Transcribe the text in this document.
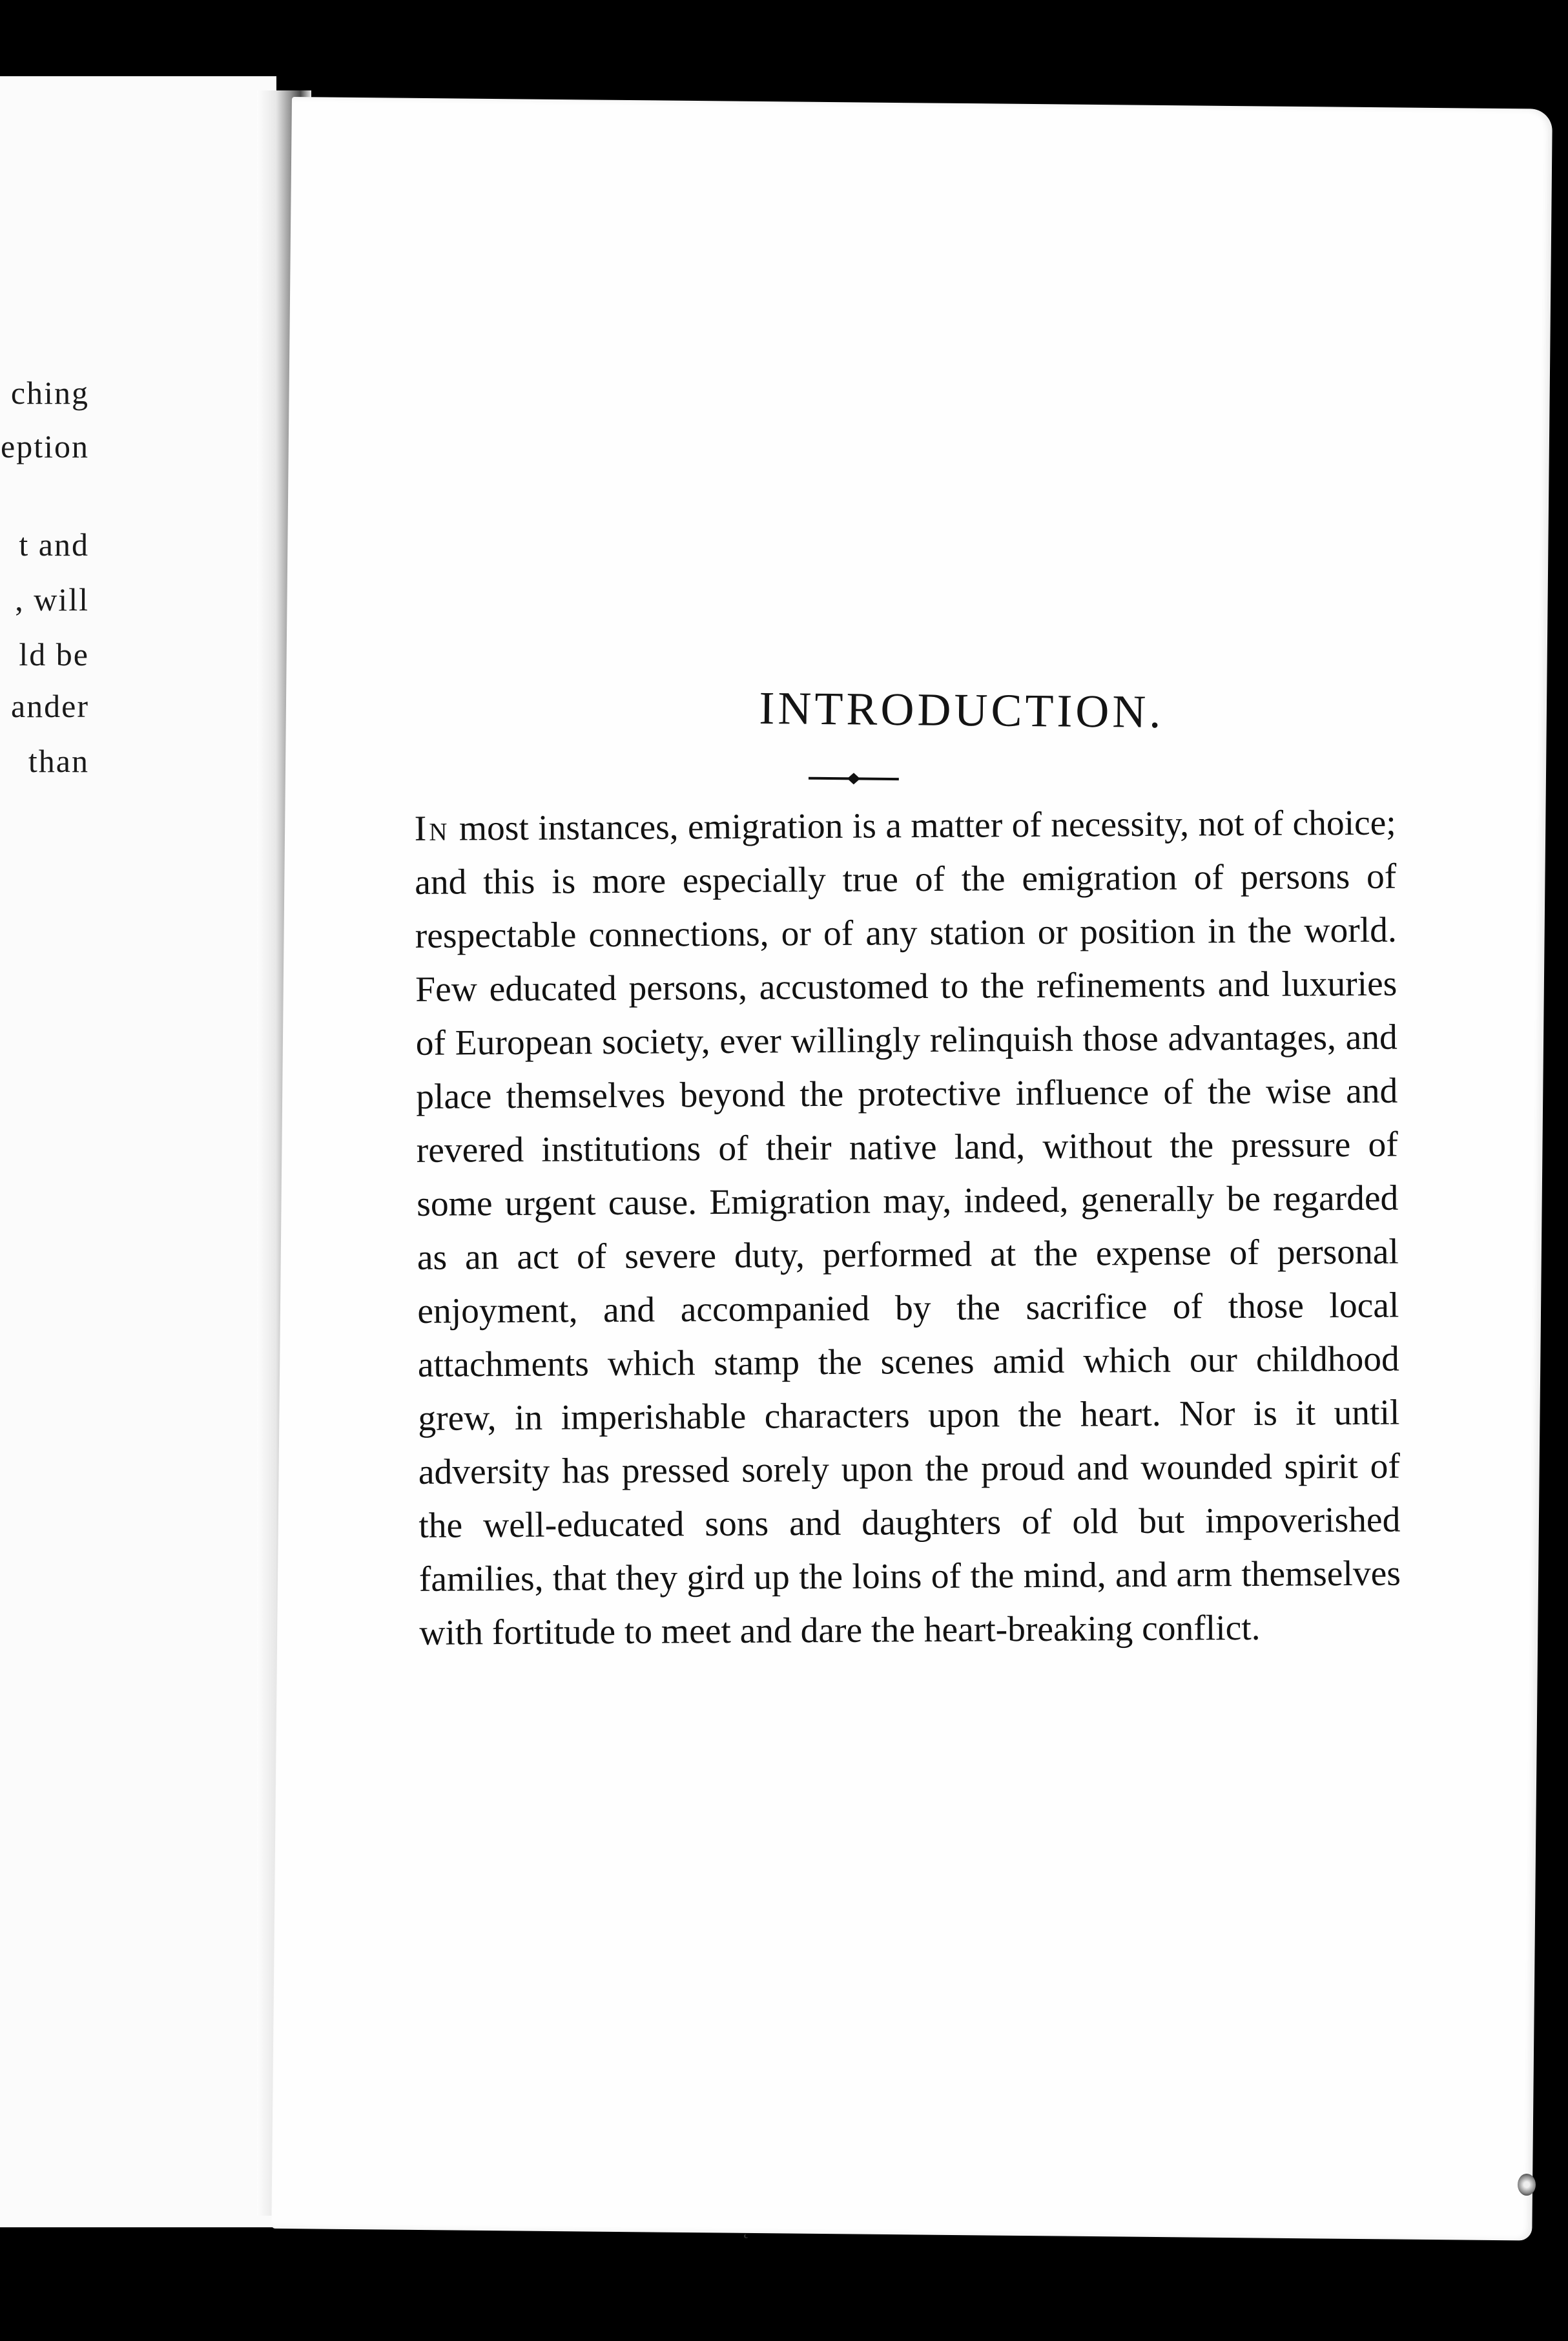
ching

eption

t and

, will

ld be

ander

than

INTRODUCTION.

In most instances, emigration is a matter of necessity, not of choice; and this is more especially true of the emigration of persons of respectable connections, or of any station or position in the world. Few educated persons, accustomed to the refinements and luxuries of European society, ever willingly relinquish those advantages, and place themselves beyond the protective influence of the wise and revered institutions of their native land, without the pressure of some urgent cause. Emigration may, indeed, generally be regarded as an act of severe duty, performed at the expense of personal enjoyment, and accompanied by the sacrifice of those local attachments which stamp the scenes amid which our childhood grew, in imperishable characters upon the heart. Nor is it until adversity has pressed sorely upon the proud and wounded spirit of the well-educated sons and daughters of old but impoverished families, that they gird up the loins of the mind, and arm themselves with fortitude to meet and dare the heart-breaking conflict.

˛
